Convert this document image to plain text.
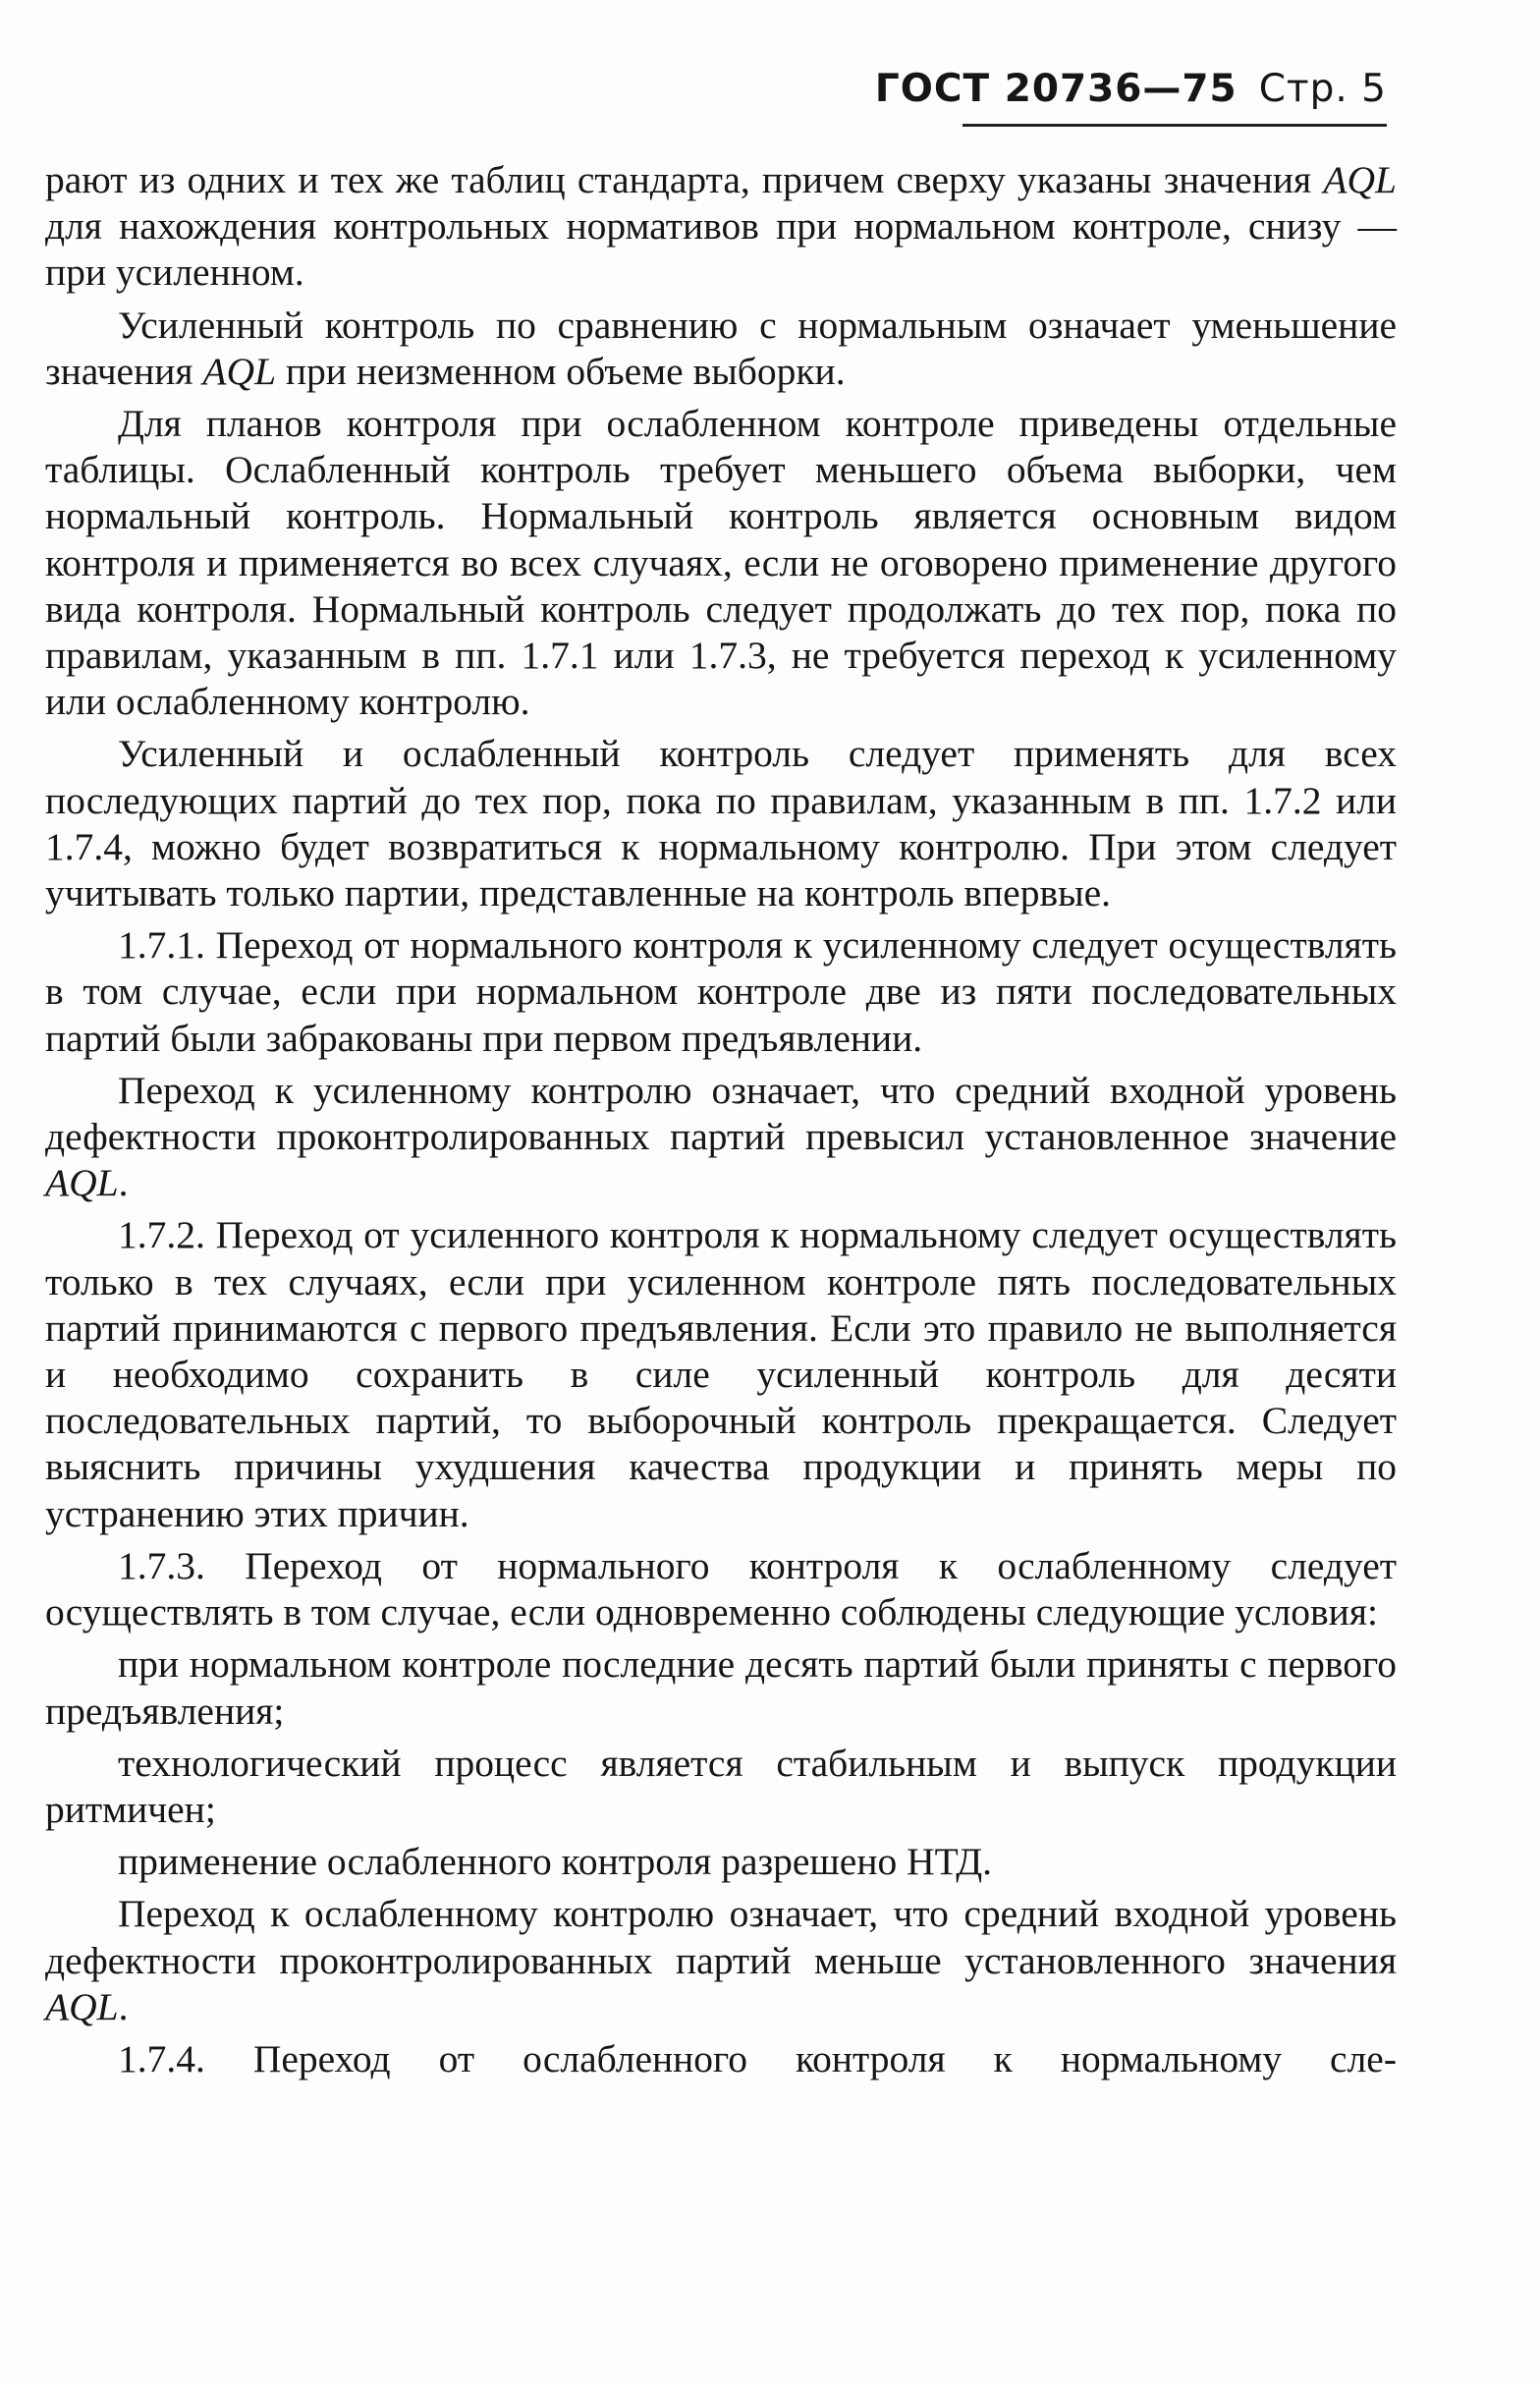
ГОСТ 20736—75 Стр. 5

рают из одних и тех же таблиц стандарта, причем сверху указаны значения AQL для нахождения контрольных нормативов при нормальном контроле, снизу — при усиленном.

Усиленный контроль по сравнению с нормальным означает уменьшение значения AQL при неизменном объеме выборки.

Для планов контроля при ослабленном контроле приведены отдельные таблицы. Ослабленный контроль требует меньшего объема выборки, чем нормальный контроль. Нормальный контроль является основным видом контроля и применяется во всех случаях, если не оговорено применение другого вида контроля. Нормальный контроль следует продолжать до тех пор, пока по правилам, указанным в пп. 1.7.1 или 1.7.3, не требуется переход к усиленному или ослабленному контролю.

Усиленный и ослабленный контроль следует применять для всех последующих партий до тех пор, пока по правилам, указанным в пп. 1.7.2 или 1.7.4, можно будет возвратиться к нормальному контролю. При этом следует учитывать только партии, представленные на контроль впервые.

1.7.1. Переход от нормального контроля к усиленному следует осуществлять в том случае, если при нормальном контроле две из пяти последовательных партий были забракованы при первом предъявлении.

Переход к усиленному контролю означает, что средний входной уровень дефектности проконтролированных партий превысил установленное значение AQL.

1.7.2. Переход от усиленного контроля к нормальному следует осуществлять только в тех случаях, если при усиленном контроле пять последовательных партий принимаются с первого предъявления. Если это правило не выполняется и необходимо сохранить в силе усиленный контроль для десяти последовательных партий, то выборочный контроль прекращается. Следует выяснить причины ухудшения качества продукции и принять меры по устранению этих причин.

1.7.3. Переход от нормального контроля к ослабленному следует осуществлять в том случае, если одновременно соблюдены следующие условия:

при нормальном контроле последние десять партий были приняты с первого предъявления;

технологический процесс является стабильным и выпуск продукции ритмичен;

применение ослабленного контроля разрешено НТД.

Переход к ослабленному контролю означает, что средний входной уровень дефектности проконтролированных партий меньше установленного значения AQL.

1.7.4. Переход от ослабленного контроля к нормальному сле-
